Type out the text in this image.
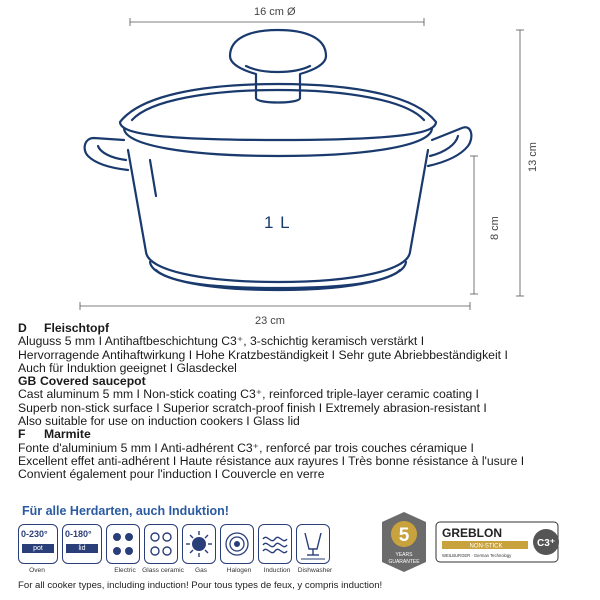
16 cm Ø
13 cm
8 cm
23 cm
1 L
D	Fleischtopf
Aluguss 5 mm I Antihaftbeschichtung C3⁺, 3-schichtig keramisch verstärkt I
Hervorragende Antihaftwirkung I Hohe Kratzbeständigkeit I Sehr gute Abriebbeständigkeit I
Auch für Induktion geeignet I Glasdeckel
GB Covered saucepot
Cast aluminum 5 mm I Non-stick coating C3⁺, reinforced triple-layer ceramic coating I
Superb non-stick surface I Superior scratch-proof finish I Extremely abrasion-resistant I
Also suitable for use on induction cookers I Glass lid
F	Marmite
Fonte d'aluminium 5 mm I Anti-adhérent C3⁺, renforcé par trois couches céramique I
Excellent effet anti-adhérent I Haute résistance aux rayures I Très bonne résistance à l'usure I
Convient également pour l'induction I Couvercle en verre
Für alle Herdarten, auch Induktion!
0-230°
pot
Oven
0-180°
lid
Electric Glass ceramic	Gas	Halogen	Induction	Dishwasher
5
YEARS
GUARANTEE
GREBLON
NON-STICK
WEILBURGER · German Technology
C3⁺
For all cooker types, including induction! Pour tous types de feux, y compris induction!
